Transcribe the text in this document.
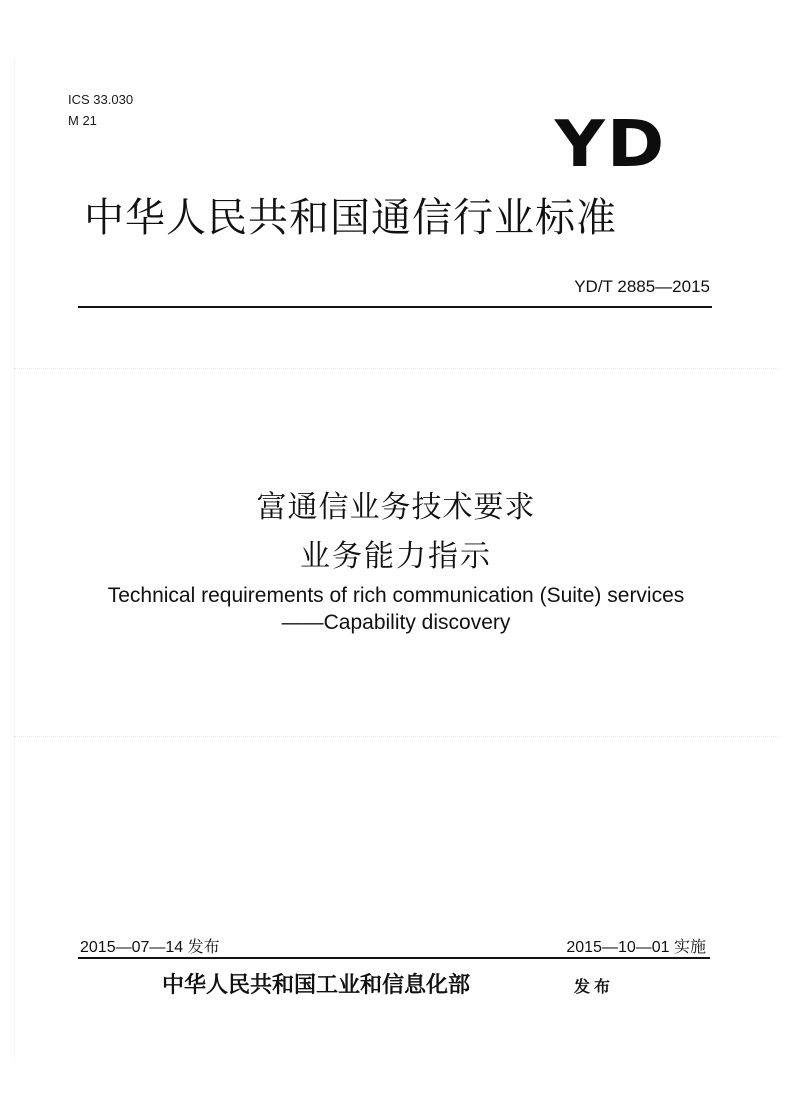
ICS 33.030
M 21	YD
中华人民共和国通信行业标准
YD/T 2885—2015
富通信业务技术要求
业务能力指示
Technical requirements of rich communication (Suite) services
——Capability discovery
2015—07—14 发布	2015—10—01 实施
中华人民共和国工业和信息化部	发布
